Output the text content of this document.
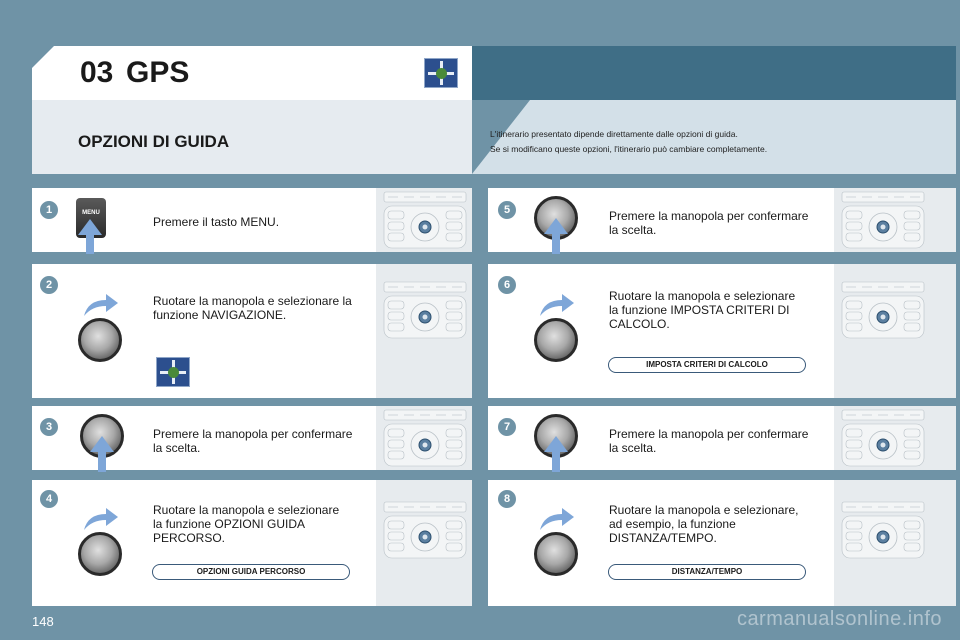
03 GPS
OPZIONI DI GUIDA	L'itinerario presentato dipende direttamente dalle opzioni di guida.
Se si modificano queste opzioni, l'itinerario può cambiare completamente.
1	MENU
Premere il tasto MENU.
2
Ruotare la manopola e selezionare la
funzione NAVIGAZIONE.
3	Premere la manopola per confermare
la scelta.
4
Ruotare la manopola e selezionare
la funzione OPZIONI GUIDA
PERCORSO.
OPZIONI GUIDA PERCORSO
5	Premere la manopola per confermare
la scelta.
6
Ruotare la manopola e selezionare
la funzione IMPOSTA CRITERI DI
CALCOLO.
IMPOSTA CRITERI DI CALCOLO
7	Premere la manopola per confermare
la scelta.
8
Ruotare la manopola e selezionare,
ad esempio, la funzione
DISTANZA/TEMPO.
DISTANZA/TEMPO
148	carmanualsonline.info
